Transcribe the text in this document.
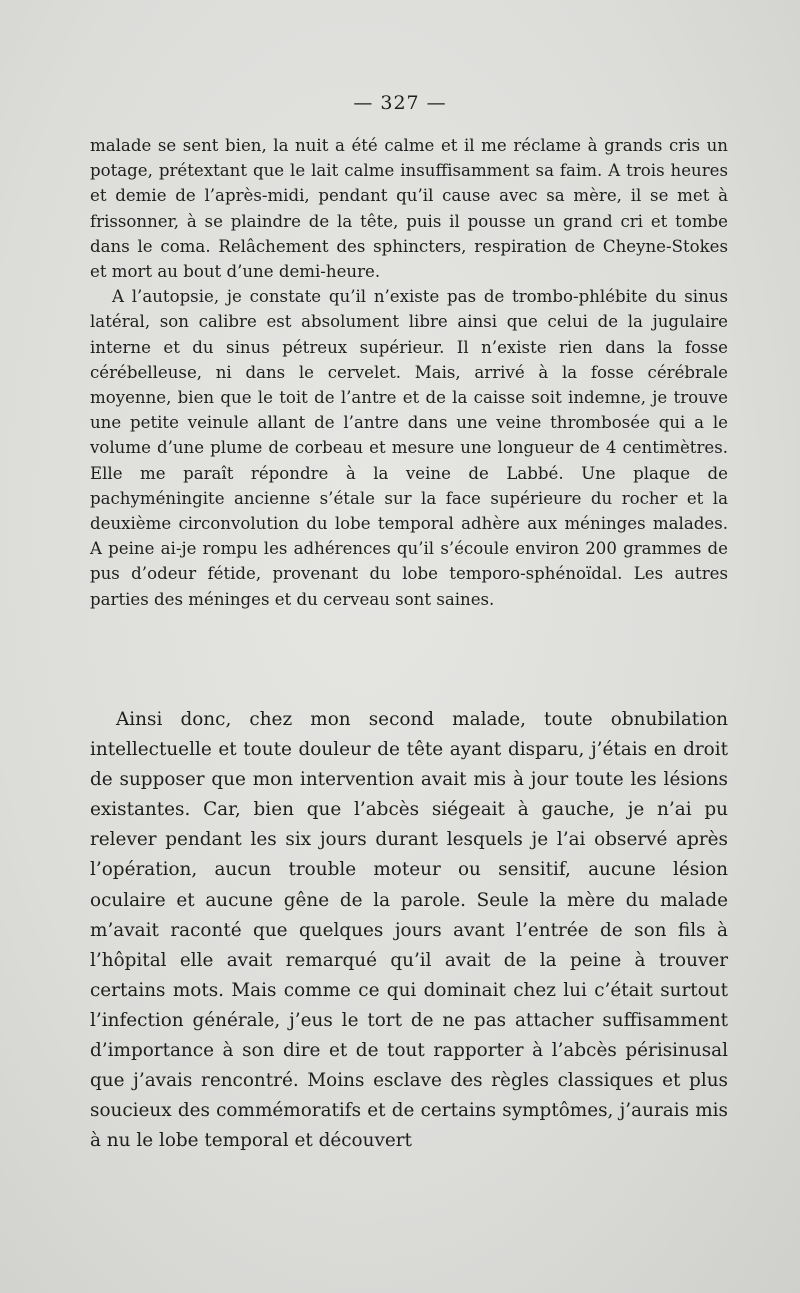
— 327 —

malade se sent bien, la nuit a été calme et il me réclame à grands cris un potage, prétextant que le lait calme insuffisamment sa faim. A trois heures et demie de l’après-midi, pendant qu’il cause avec sa mère, il se met à frissonner, à se plaindre de la tête, puis il pousse un grand cri et tombe dans le coma. Relâchement des sphincters, respiration de Cheyne-Stokes et mort au bout d’une demi-heure.

A l’autopsie, je constate qu’il n’existe pas de trombo-phlébite du sinus latéral, son calibre est absolument libre ainsi que celui de la jugulaire interne et du sinus pétreux supérieur. Il n’existe rien dans la fosse cérébelleuse, ni dans le cervelet. Mais, arrivé à la fosse cérébrale moyenne, bien que le toit de l’antre et de la caisse soit indemne, je trouve une petite veinule allant de l’antre dans une veine thrombosée qui a le volume d’une plume de corbeau et mesure une longueur de 4 centimètres. Elle me paraît répondre à la veine de Labbé. Une plaque de pachyméningite ancienne s’étale sur la face supérieure du rocher et la deuxième circonvolution du lobe temporal adhère aux méninges malades. A peine ai-je rompu les adhérences qu’il s’écoule environ 200 grammes de pus d’odeur fétide, provenant du lobe temporo-sphénoïdal. Les autres parties des méninges et du cerveau sont saines.

Ainsi donc, chez mon second malade, toute obnubilation intellectuelle et toute douleur de tête ayant disparu, j’étais en droit de supposer que mon intervention avait mis à jour toute les lésions existantes. Car, bien que l’abcès siégeait à gauche, je n’ai pu relever pendant les six jours durant lesquels je l’ai observé après l’opération, aucun trouble moteur ou sensitif, aucune lésion oculaire et aucune gêne de la parole. Seule la mère du malade m’avait raconté que quelques jours avant l’entrée de son fils à l’hôpital elle avait remarqué qu’il avait de la peine à trouver certains mots. Mais comme ce qui dominait chez lui c’était surtout l’infection générale, j’eus le tort de ne pas attacher suffisamment d’importance à son dire et de tout rapporter à l’abcès périsinusal que j’avais rencontré. Moins esclave des règles classiques et plus soucieux des commémoratifs et de certains symptômes, j’aurais mis à nu le lobe temporal et découvert
